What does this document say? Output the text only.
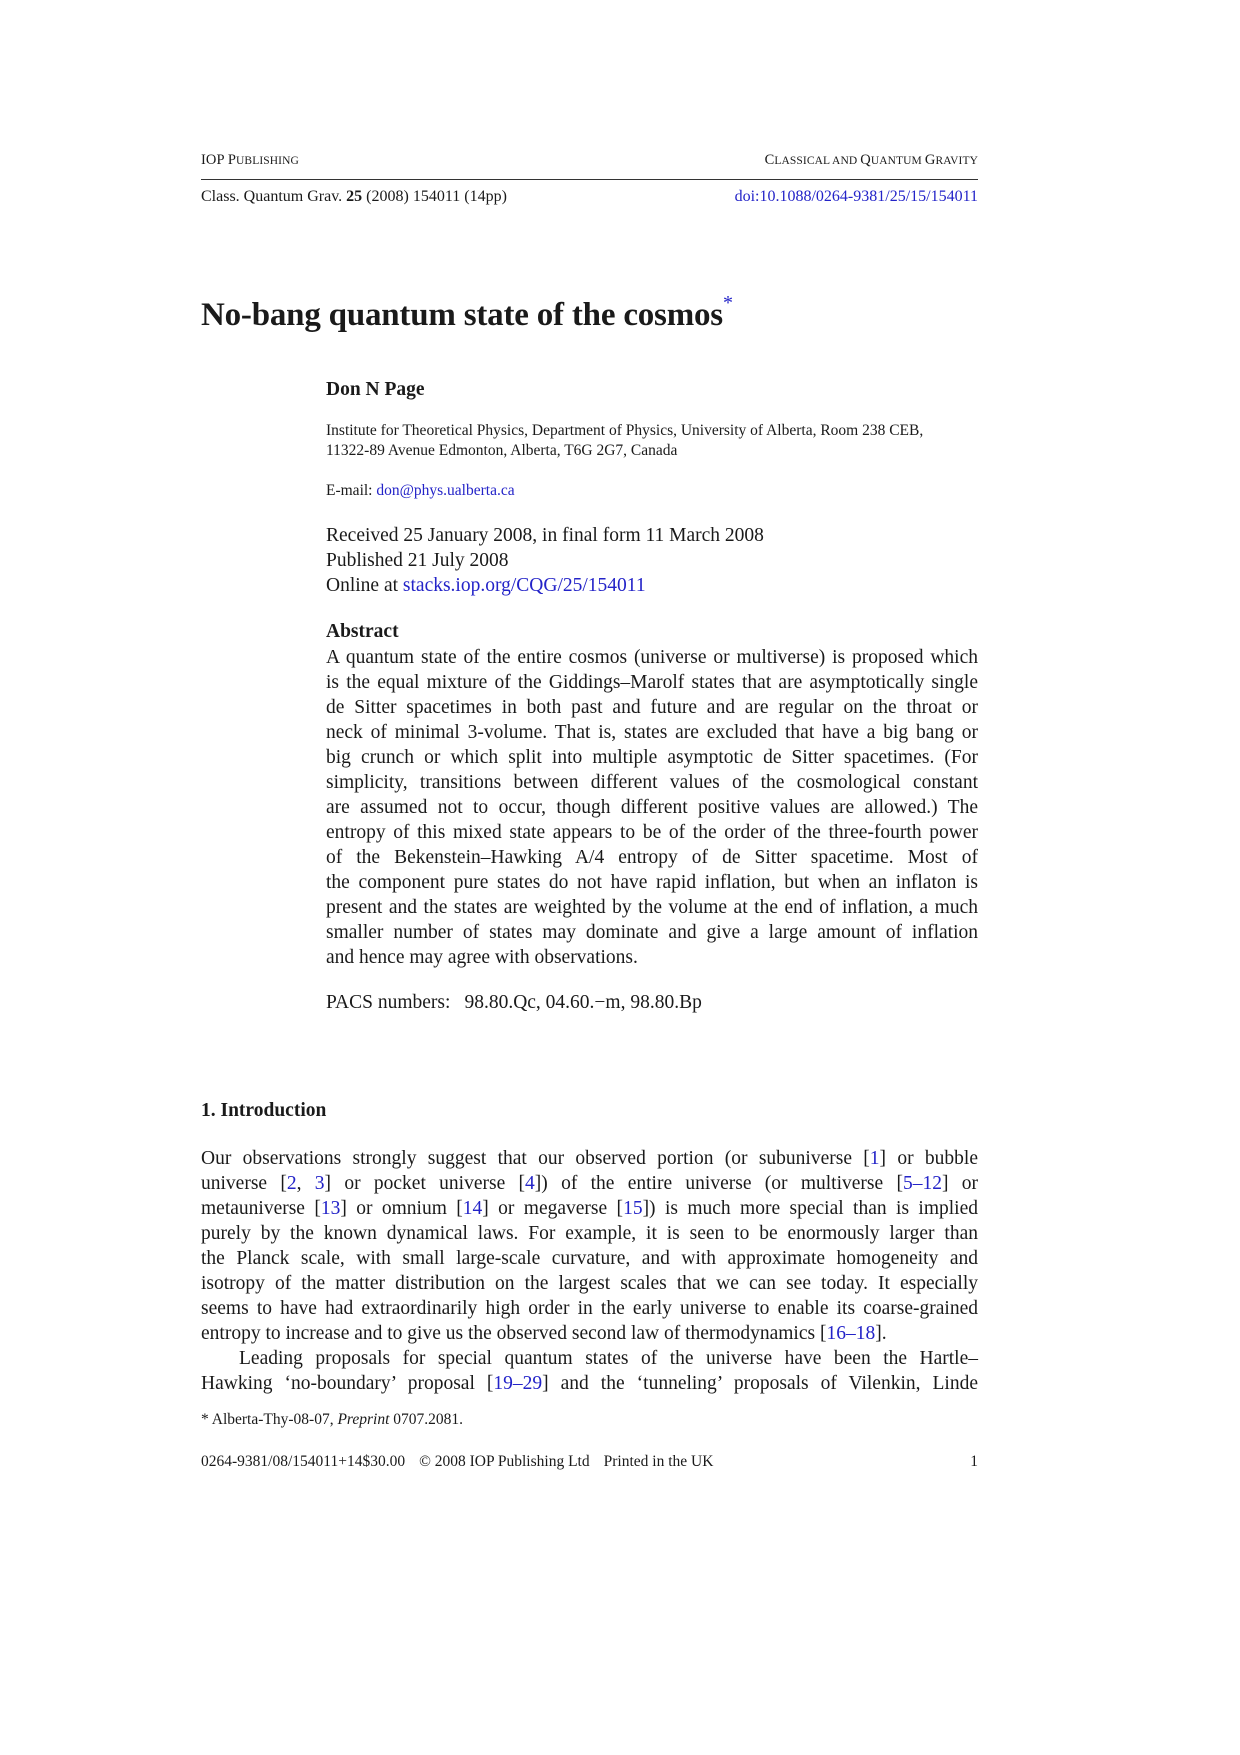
IOP PUBLISHING	CLASSICAL AND QUANTUM GRAVITY
Class. Quantum Grav. 25 (2008) 154011 (14pp)	doi:10.1088/0264-9381/25/15/154011
No-bang quantum state of the cosmos*
Don N Page
Institute for Theoretical Physics, Department of Physics, University of Alberta, Room 238 CEB,
11322-89 Avenue Edmonton, Alberta, T6G 2G7, Canada
E-mail: don@phys.ualberta.ca
Received 25 January 2008, in final form 11 March 2008
Published 21 July 2008
Online at stacks.iop.org/CQG/25/154011
Abstract
A quantum state of the entire cosmos (universe or multiverse) is proposed which
is the equal mixture of the Giddings–Marolf states that are asymptotically single
de Sitter spacetimes in both past and future and are regular on the throat or
neck of minimal 3-volume. That is, states are excluded that have a big bang or
big crunch or which split into multiple asymptotic de Sitter spacetimes. (For
simplicity, transitions between different values of the cosmological constant
are assumed not to occur, though different positive values are allowed.) The
entropy of this mixed state appears to be of the order of the three-fourth power
of the Bekenstein–Hawking A/4 entropy of de Sitter spacetime. Most of
the component pure states do not have rapid inflation, but when an inflaton is
present and the states are weighted by the volume at the end of inflation, a much
smaller number of states may dominate and give a large amount of inflation
and hence may agree with observations.
PACS numbers: 98.80.Qc, 04.60.−m, 98.80.Bp
1. Introduction
Our observations strongly suggest that our observed portion (or subuniverse [1] or bubble
universe [2, 3] or pocket universe [4]) of the entire universe (or multiverse [5–12] or
metauniverse [13] or omnium [14] or megaverse [15]) is much more special than is implied
purely by the known dynamical laws. For example, it is seen to be enormously larger than
the Planck scale, with small large-scale curvature, and with approximate homogeneity and
isotropy of the matter distribution on the largest scales that we can see today. It especially
seems to have had extraordinarily high order in the early universe to enable its coarse-grained
entropy to increase and to give us the observed second law of thermodynamics [16–18].
Leading proposals for special quantum states of the universe have been the Hartle–
Hawking ‘no-boundary’ proposal [19–29] and the ‘tunneling’ proposals of Vilenkin, Linde
* Alberta-Thy-08-07, Preprint 0707.2081.
0264-9381/08/154011+14$30.00 © 2008 IOP Publishing Ltd Printed in the UK	1
